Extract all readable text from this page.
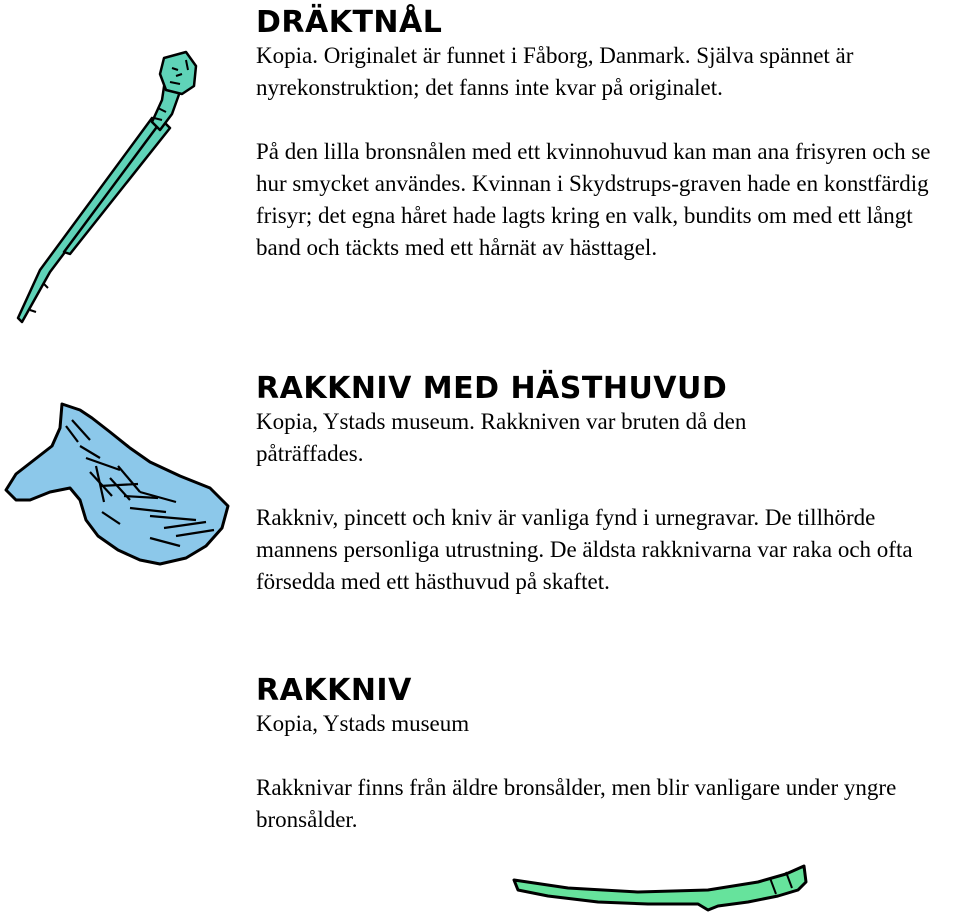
DRÄKTNÅL

Kopia. Originalet är funnet i Fåborg, Danmark. Själva spännet är nyrekonstruktion; det fanns inte kvar på originalet.

På den lilla bronsnålen med ett kvinnohuvud kan man ana frisyren och se hur smycket användes. Kvinnan i Skydstrups-graven hade en konstfärdig frisyr; det egna håret hade lagts kring en valk, bundits om med ett långt band och täckts med ett hårnät av hästtagel.

RAKKNIV MED HÄSTHUVUD

Kopia, Ystads museum. Rakkniven var bruten då den påträffades.

Rakkniv, pincett och kniv är vanliga fynd i urnegravar. De tillhörde mannens personliga utrustning. De äldsta rakknivarna var raka och ofta försedda med ett hästhuvud på skaftet.

RAKKNIV

Kopia, Ystads museum

Rakknivar finns från äldre bronsålder, men blir vanligare under yngre bronsålder.
